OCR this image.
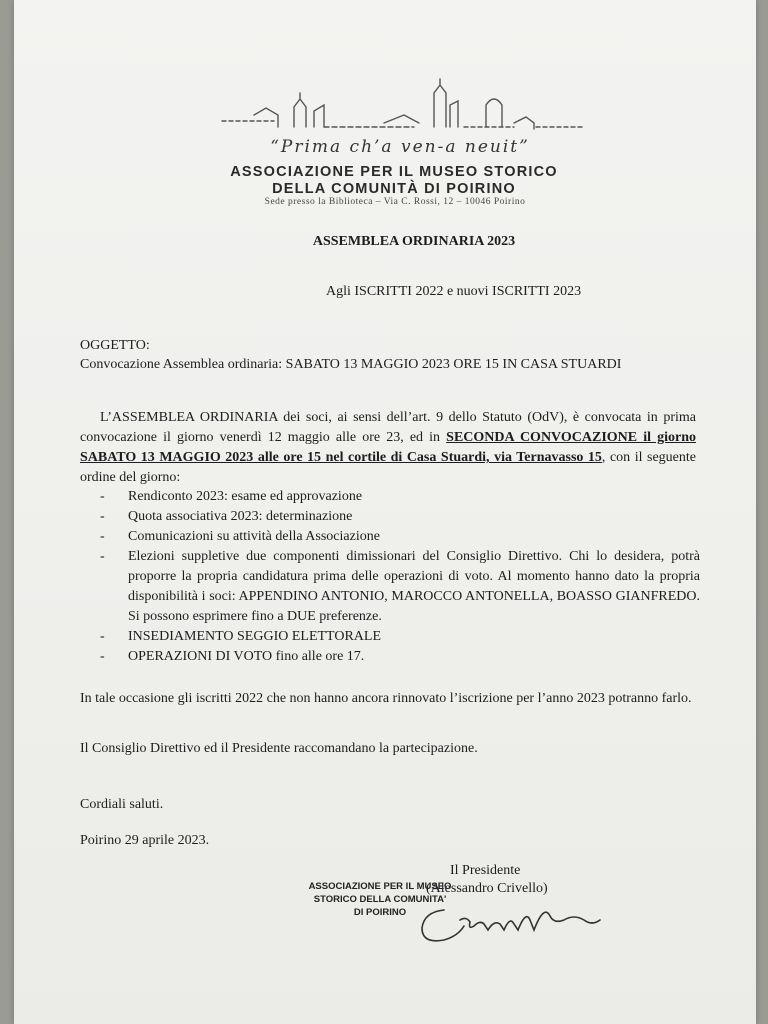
“Prima ch’a ven-a neuit”
ASSOCIAZIONE PER IL MUSEO STORICO
DELLA COMUNITÀ DI POIRINO
Sede presso la Biblioteca – Via C. Rossi, 12 – 10046 Poirino
ASSEMBLEA ORDINARIA 2023
Agli ISCRITTI 2022 e nuovi ISCRITTI 2023
OGGETTO:
Convocazione Assemblea ordinaria: SABATO 13 MAGGIO 2023 ORE 15 IN CASA STUARDI
L’ASSEMBLEA ORDINARIA dei soci, ai sensi dell’art. 9 dello Statuto (OdV), è convocata in prima convocazione il giorno venerdì 12 maggio alle ore 23, ed in SECONDA CONVOCAZIONE il giorno SABATO 13 MAGGIO 2023 alle ore 15 nel cortile di Casa Stuardi, via Ternavasso 15, con il seguente ordine del giorno:
- Rendiconto 2023: esame ed approvazione
- Quota associativa 2023: determinazione
- Comunicazioni su attività della Associazione
- Elezioni suppletive due componenti dimissionari del Consiglio Direttivo. Chi lo desidera, potrà proporre la propria candidatura prima delle operazioni di voto. Al momento hanno dato la propria disponibilità i soci: APPENDINO ANTONIO, MAROCCO ANTONELLA, BOASSO GIANFREDO. Si possono esprimere fino a DUE preferenze.
- INSEDIAMENTO SEGGIO ELETTORALE
- OPERAZIONI DI VOTO fino alle ore 17.
In tale occasione gli iscritti 2022 che non hanno ancora rinnovato l’iscrizione per l’anno 2023 potranno farlo.
Il Consiglio Direttivo ed il Presidente raccomandano la partecipazione.
Cordiali saluti.
Poirino 29 aprile 2023.
Il Presidente
(Alessandro Crivello)
ASSOCIAZIONE PER IL MUSEO
STORICO DELLA COMUNITA'
DI POIRINO
